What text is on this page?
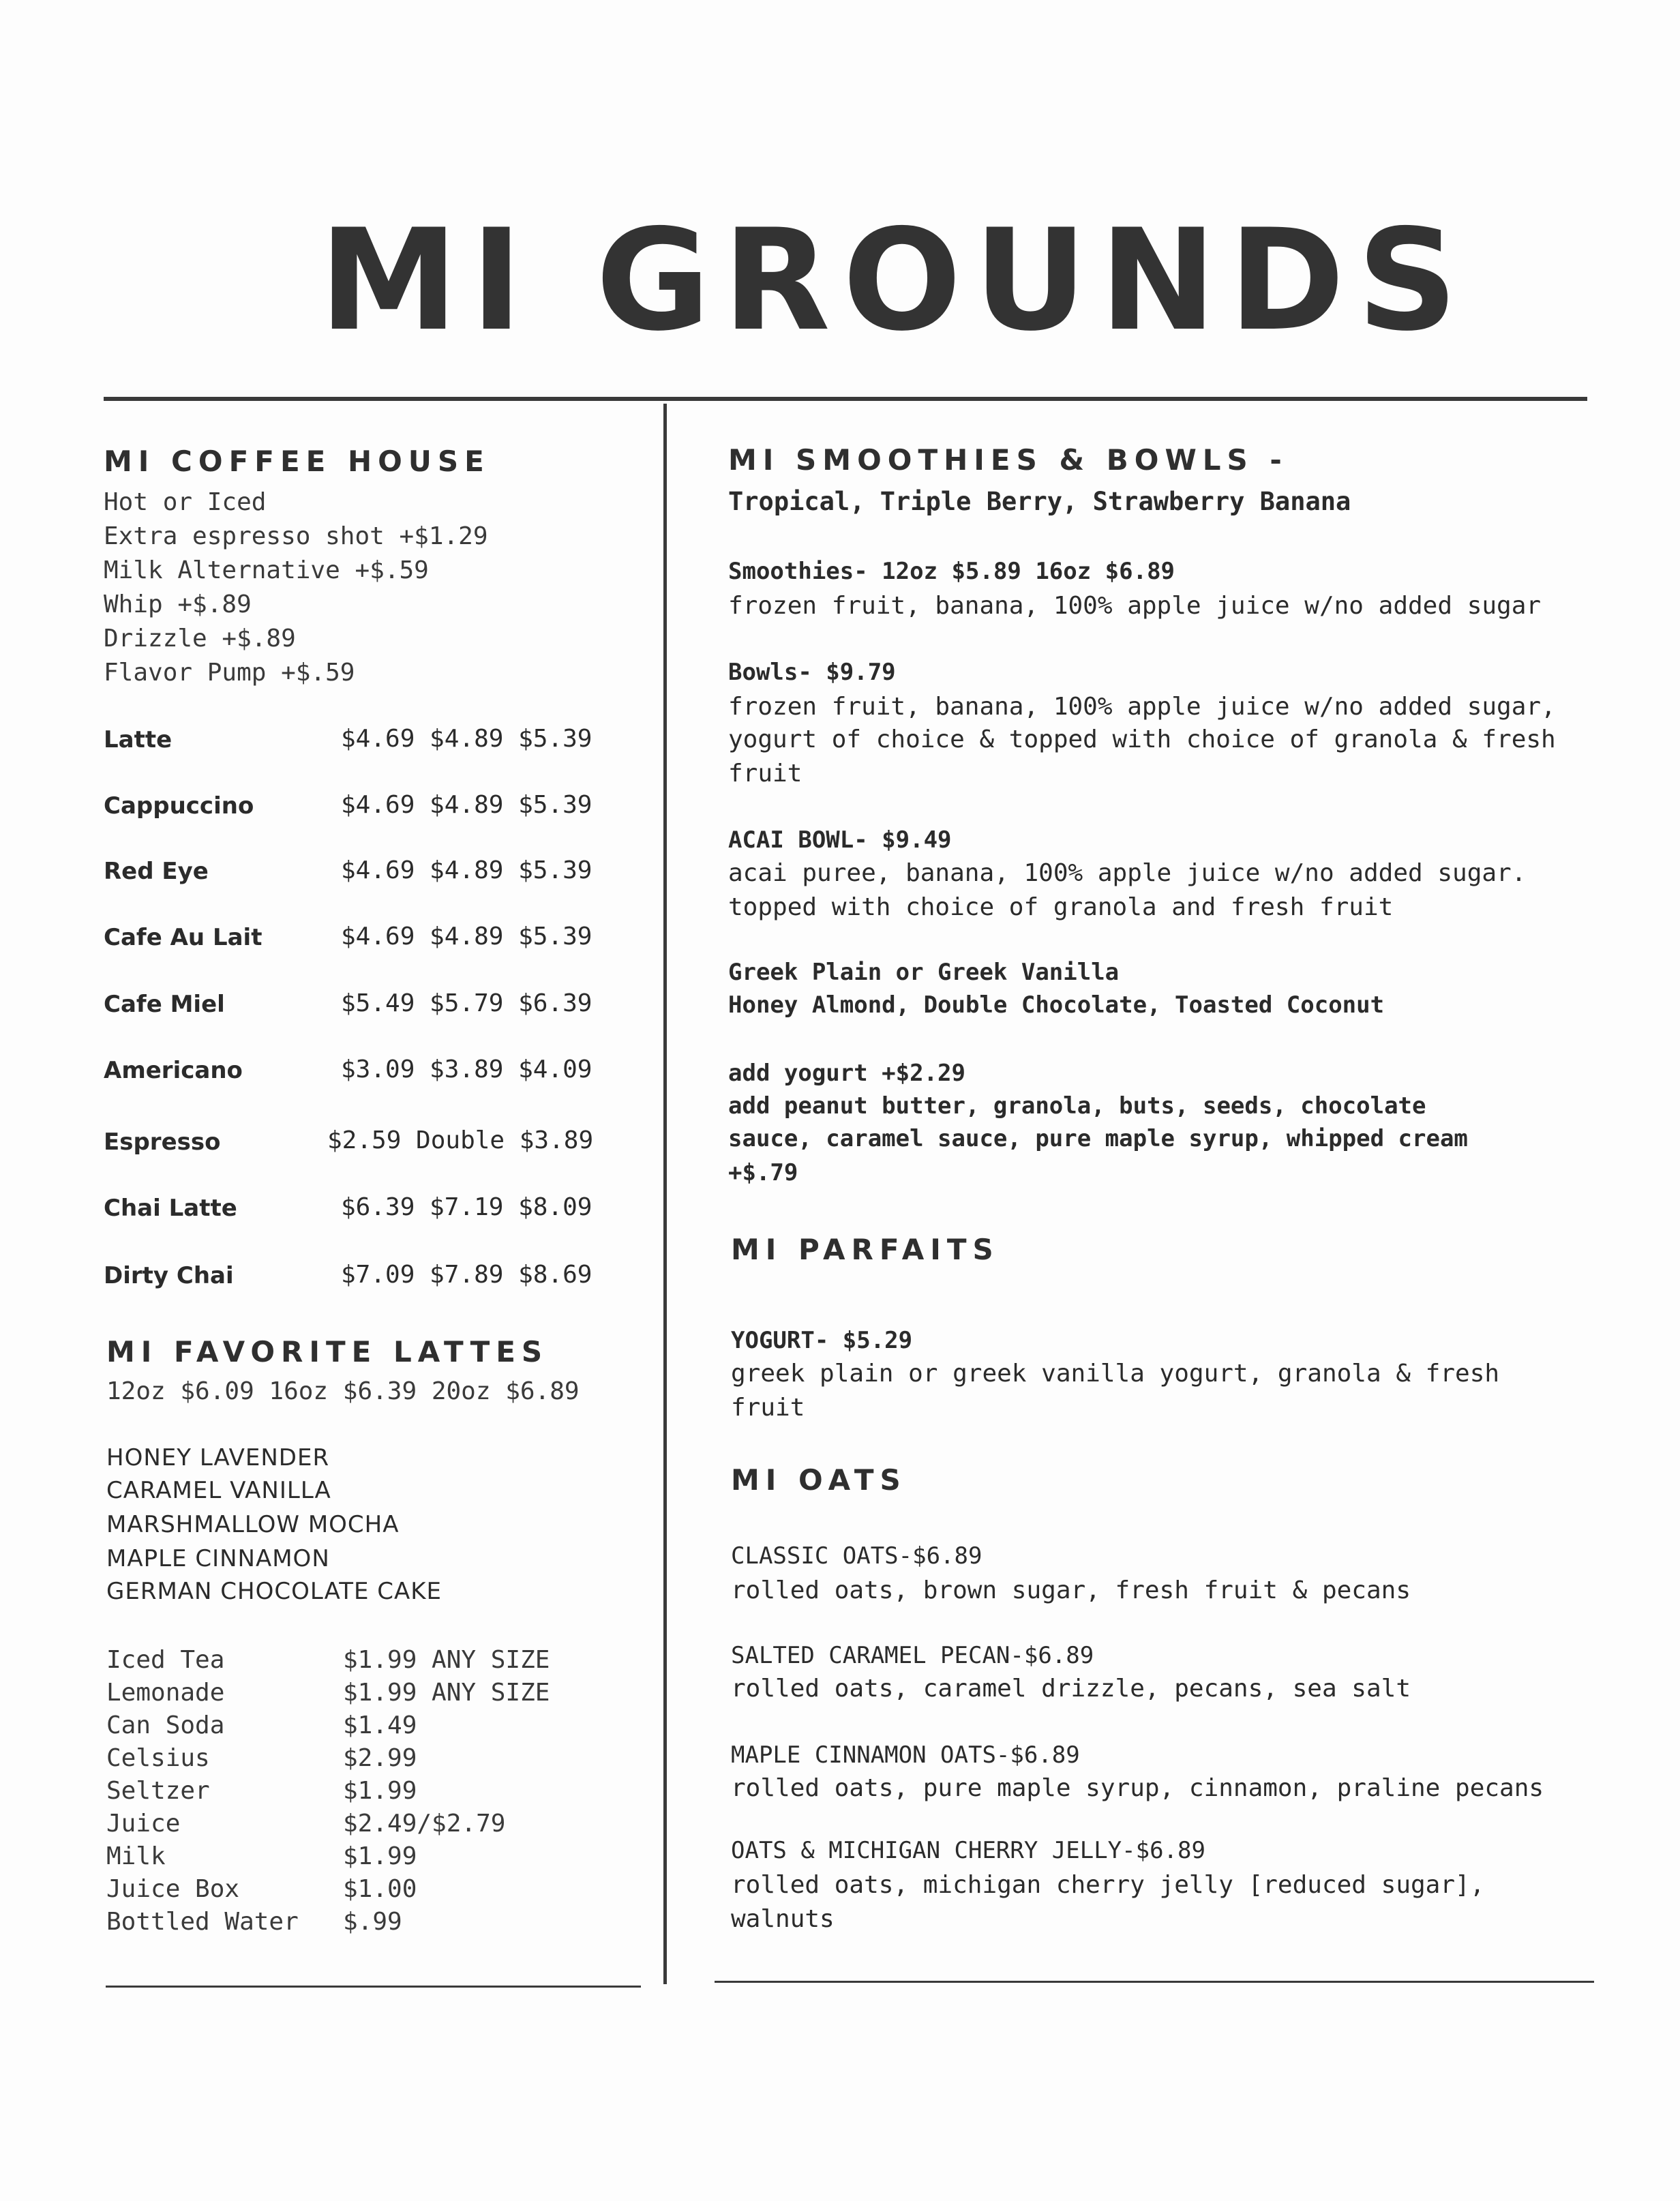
MI GROUNDS
MI COFFEE HOUSE
Hot or Iced
Extra espresso shot +$1.29
Milk Alternative +$.59
Whip +$.89
Drizzle +$.89
Flavor Pump +$.59
Latte	$4.69 $4.89 $5.39
Cappuccino	$4.69 $4.89 $5.39
Red Eye	$4.69 $4.89 $5.39
Cafe Au Lait	$4.69 $4.89 $5.39
Cafe Miel	$5.49 $5.79 $6.39
Americano	$3.09 $3.89 $4.09
Espresso	$2.59 Double $3.89
Chai Latte	$6.39 $7.19 $8.09
Dirty Chai	$7.09 $7.89 $8.69
MI FAVORITE LATTES
12oz $6.09 16oz $6.39 20oz $6.89
HONEY LAVENDER
CARAMEL VANILLA
MARSHMALLOW MOCHA
MAPLE CINNAMON
GERMAN CHOCOLATE CAKE
Iced Tea	$1.99 ANY SIZE
Lemonade	$1.99 ANY SIZE
Can Soda	$1.49
Celsius	$2.99
Seltzer	$1.99
Juice	$2.49/$2.79
Milk	$1.99
Juice Box	$1.00
Bottled Water $.99
MI SMOOTHIES & BOWLS -
Tropical, Triple Berry, Strawberry Banana
Smoothies- 12oz $5.89 16oz $6.89
frozen fruit, banana, 100% apple juice w/no added sugar
Bowls- $9.79
frozen fruit, banana, 100% apple juice w/no added sugar,
yogurt of choice & topped with choice of granola & fresh
fruit
ACAI BOWL- $9.49
acai puree, banana, 100% apple juice w/no added sugar.
topped with choice of granola and fresh fruit
Greek Plain or Greek Vanilla
Honey Almond, Double Chocolate, Toasted Coconut
add yogurt +$2.29
add peanut butter, granola, buts, seeds, chocolate
sauce, caramel sauce, pure maple syrup, whipped cream
+$.79
MI PARFAITS
YOGURT- $5.29
greek plain or greek vanilla yogurt, granola & fresh
fruit
MI OATS
CLASSIC OATS-$6.89
rolled oats, brown sugar, fresh fruit & pecans
SALTED CARAMEL PECAN-$6.89
rolled oats, caramel drizzle, pecans, sea salt
MAPLE CINNAMON OATS-$6.89
rolled oats, pure maple syrup, cinnamon, praline pecans
OATS & MICHIGAN CHERRY JELLY-$6.89
rolled oats, michigan cherry jelly [reduced sugar],
walnuts
